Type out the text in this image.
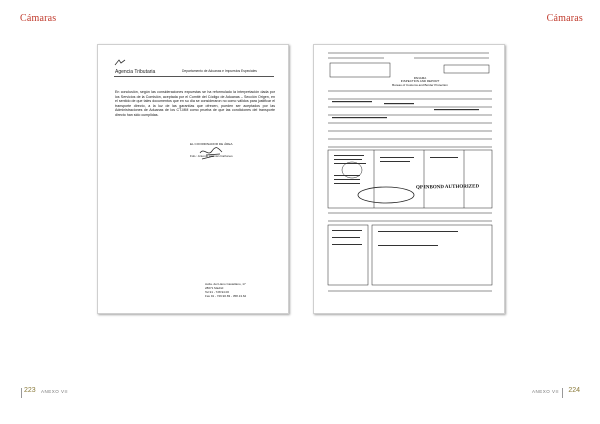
Cámaras	Cámaras
Agencia Tributaria	Departamento de Aduanas e Impuestos Especiales
En conclusión, según las consideraciones expuestas se ha reformulado la interpretación dada por los Servicios de la Comisión, aceptada por el Comité del Código de Aduanas – Sección Origen, en el sentido de que tales documentos que en su día se consideraron no como válidos para justificar el transporte directo, a la luz de las garantías que ofrecen, pueden ser aceptados por las Administraciones de Aduanas de los CT-MM como prueba de que las condiciones del transporte directo han sido cumplidas.
EL COORDINADOR DE ÁREA
Fdo.: Antonio Alamán Cañones
Avda. del Llano Castellano, 17
28071 Madrid
Tel.91 - 728.94.00
Fax 91 - 729.90.83 - 358.13.62
PANAMA
INSPECTION AND REPORT
Bureau of Customs and Border Protection
QP INBOND AUTHORIZED
223 ANEXO VII	ANEXO VII 224
